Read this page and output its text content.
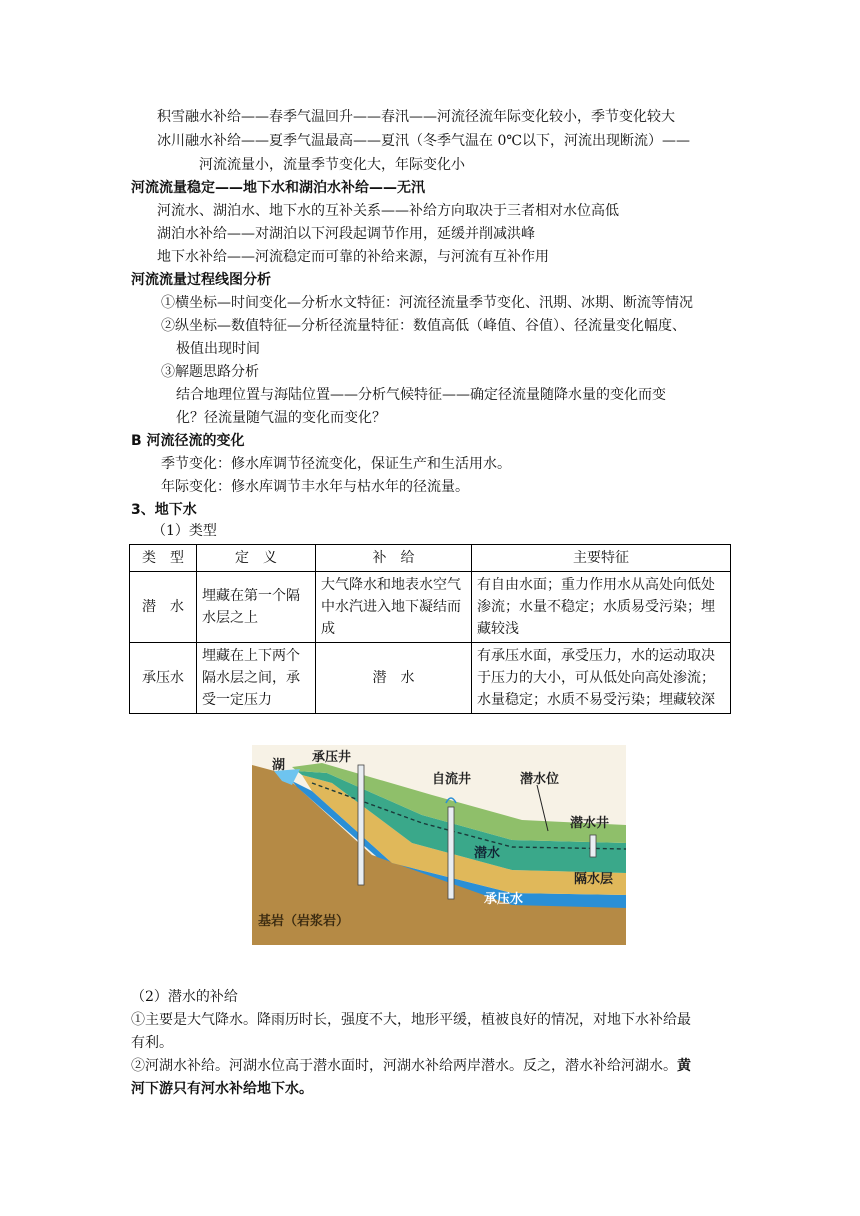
积雪融水补给——春季气温回升——春汛——河流径流年际变化较小，季节变化较大
冰川融水补给——夏季气温最高——夏汛（冬季气温在 0℃以下，河流出现断流）——
河流流量小，流量季节变化大，年际变化小
河流流量稳定——地下水和湖泊水补给——无汛
河流水、湖泊水、地下水的互补关系——补给方向取决于三者相对水位高低
湖泊水补给——对湖泊以下河段起调节作用，延缓并削减洪峰
地下水补给——河流稳定而可靠的补给来源，与河流有互补作用
河流流量过程线图分析
①横坐标—时间变化—分析水文特征：河流径流量季节变化、汛期、冰期、断流等情况
②纵坐标—数值特征—分析径流量特征：数值高低（峰值、谷值）、径流量变化幅度、
极值出现时间
③解题思路分析
结合地理位置与海陆位置——分析气候特征——确定径流量随降水量的变化而变
化？径流量随气温的变化而变化？
B 河流径流的变化
季节变化：修水库调节径流变化，保证生产和生活用水。
年际变化：修水库调节丰水年与枯水年的径流量。
3、地下水
（1）类型
类　型	定　义	补　给	主要特征
潜　水	埋藏在第一个隔水层之上	大气降水和地表水空气中水汽进入地下凝结而成	有自由水面；重力作用水从高处向低处渗流；水量不稳定；水质易受污染；埋藏较浅
承压水	埋藏在上下两个隔水层之间，承受一定压力	潜　水	有承压水面，承受压力，水的运动取决于压力的大小，可从低处向高处渗流；水量稳定；水质不易受污染；埋藏较深
湖
承压井
自流井	潜水位
潜水井
潜水
隔水层
承压水
基岩（岩浆岩）
（2）潜水的补给
①主要是大气降水。降雨历时长，强度不大，地形平缓，植被良好的情况，对地下水补给最
有利。
②河湖水补给。河湖水位高于潜水面时，河湖水补给两岸潜水。反之，潜水补给河湖水。黄
河下游只有河水补给地下水。
